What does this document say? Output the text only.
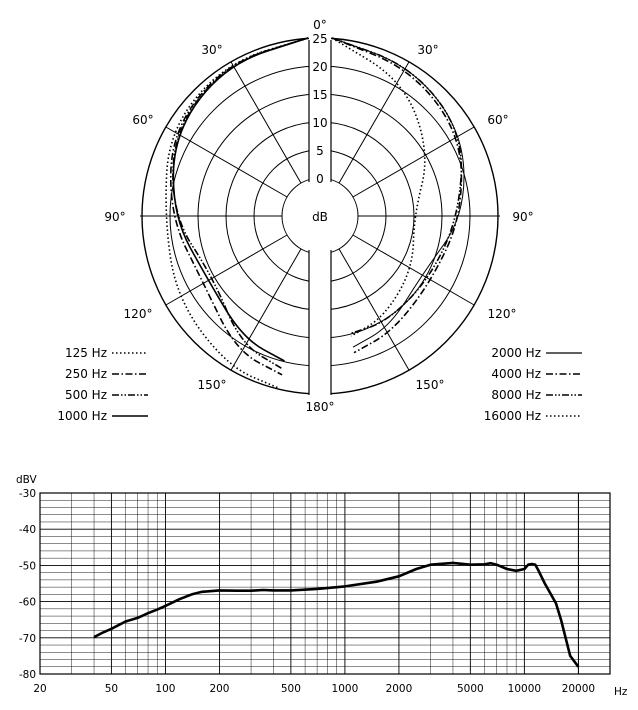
0
5
10
15
20
25
0°
30°
60°
90°
120°
150°
180°
30°
60°
90°
120°
150°
dB
125 Hz
250 Hz
500 Hz
1000 Hz
2000 Hz
4000 Hz
8000 Hz
16000 Hz
dBV
Hz
-30
-40
-50
-60
-70
-80
20	50	100	200	500	1000	2000	5000 10000 20000
